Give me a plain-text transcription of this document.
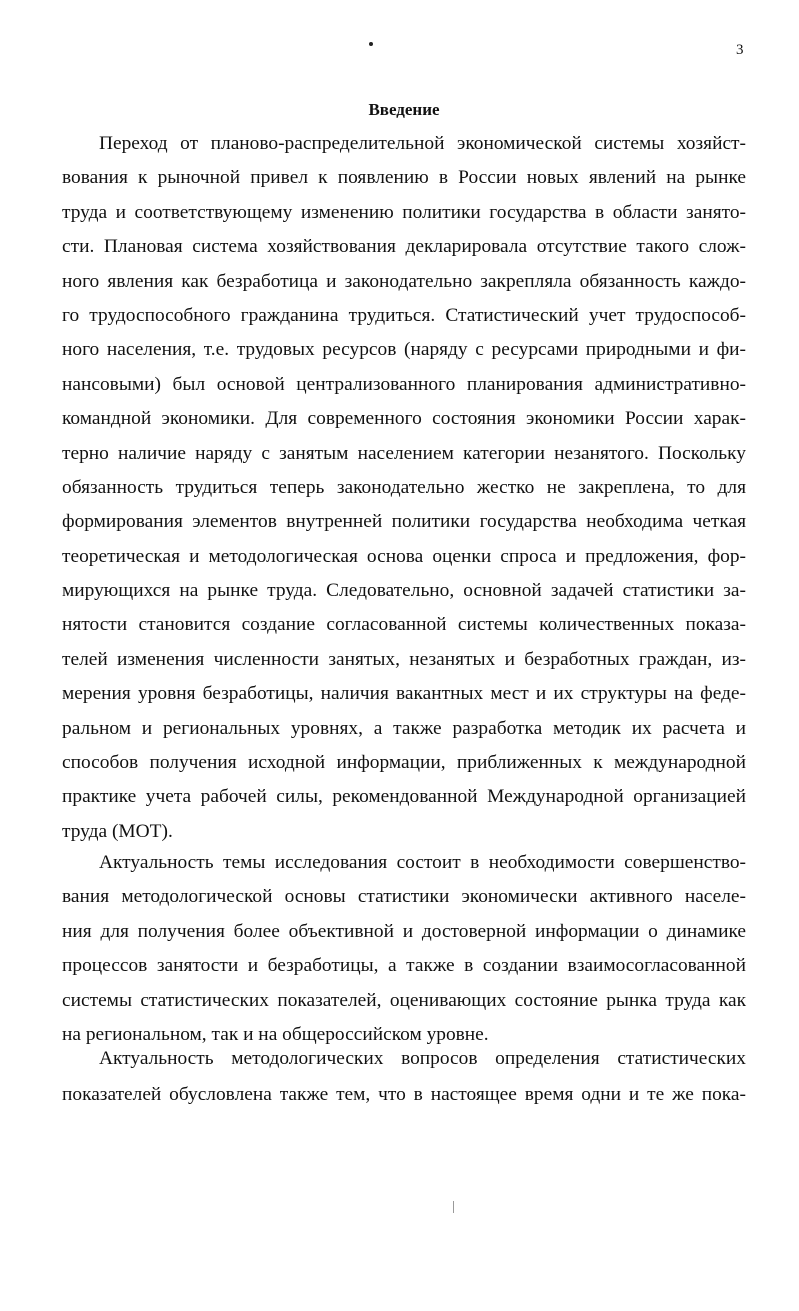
3
Введение
Переход от планово-распределительной экономической системы хозяйст-
вования к рыночной привел к появлению в России новых явлений на рынке
труда и соответствующему изменению политики государства в области занято-
сти. Плановая система хозяйствования декларировала отсутствие такого слож-
ного явления как безработица и законодательно закрепляла обязанность каждо-
го трудоспособного гражданина трудиться. Статистический учет трудоспособ-
ного населения, т.е. трудовых ресурсов (наряду с ресурсами природными и фи-
нансовыми) был основой централизованного планирования административно-
командной экономики. Для современного состояния экономики России харак-
терно наличие наряду с занятым населением категории незанятого. Поскольку
обязанность трудиться теперь законодательно жестко не закреплена, то для
формирования элементов внутренней политики государства необходима четкая
теоретическая и методологическая основа оценки спроса и предложения, фор-
мирующихся на рынке труда. Следовательно, основной задачей статистики за-
нятости становится создание согласованной системы количественных показа-
телей изменения численности занятых, незанятых и безработных граждан, из-
мерения уровня безработицы, наличия вакантных мест и их структуры на феде-
ральном и региональных уровнях, а также разработка методик их расчета и
способов получения исходной информации, приближенных к международной
практике учета рабочей силы, рекомендованной Международной организацией
труда (МОТ).
Актуальность темы исследования состоит в необходимости совершенство-
вания методологической основы статистики экономически активного населе-
ния для получения более объективной и достоверной информации о динамике
процессов занятости и безработицы, а также в создании взаимосогласованной
системы статистических показателей, оценивающих состояние рынка труда как
на региональном, так и на общероссийском уровне.
Актуальность методологических вопросов определения статистических
показателей обусловлена также тем, что в настоящее время одни и те же пока-
